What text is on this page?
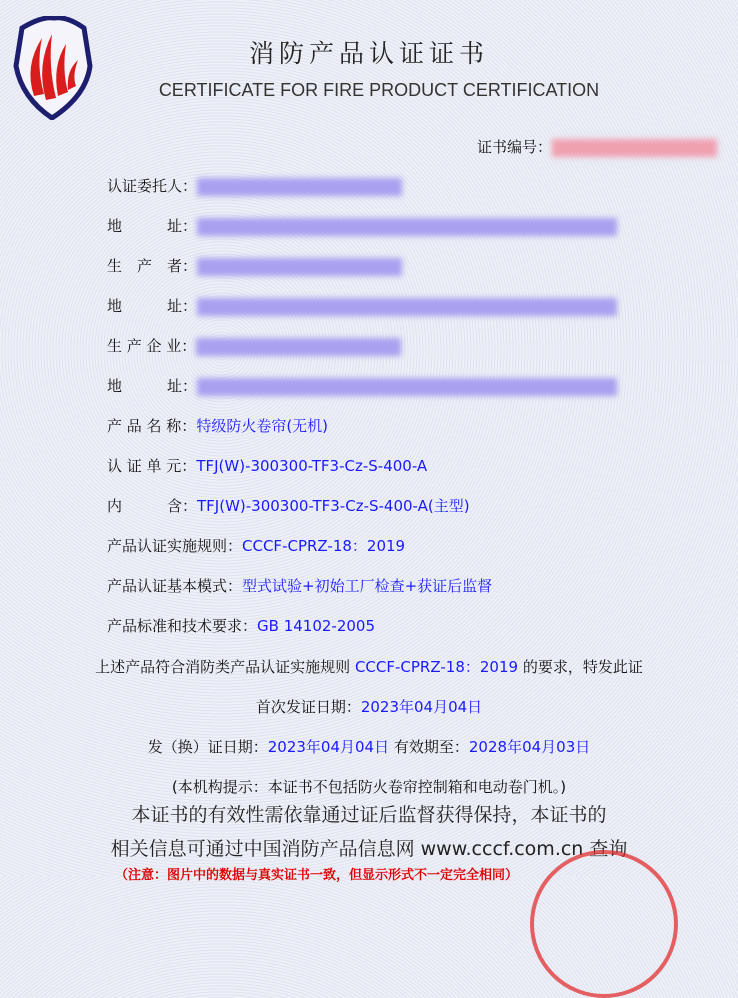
消防产品认证证书
CERTIFICATE FOR FIRE PRODUCT CERTIFICATION
证书编号：
认证委托人：
地　　　址：
生　产　者：
地　　　址：
生 产 企 业：
地　　　址：
产 品 名 称：特级防火卷帘(无机)
认 证 单 元：TFJ(W)-300300-TF3-Cz-S-400-A
内　　　含：TFJ(W)-300300-TF3-Cz-S-400-A(主型)
产品认证实施规则：CCCF-CPRZ-18：2019
产品认证基本模式：型式试验+初始工厂检查+获证后监督
产品标准和技术要求：GB 14102-2005
上述产品符合消防类产品认证实施规则 CCCF-CPRZ-18：2019 的要求，特发此证
首次发证日期：2023年04月04日
发（换）证日期：2023年04月04日 有效期至：2028年04月03日
(本机构提示：本证书不包括防火卷帘控制箱和电动卷门机。)
本证书的有效性需依靠通过证后监督获得保持，本证书的
相关信息可通过中国消防产品信息网 www.cccf.com.cn 查询
（注意：图片中的数据与真实证书一致，但显示形式不一定完全相同）
